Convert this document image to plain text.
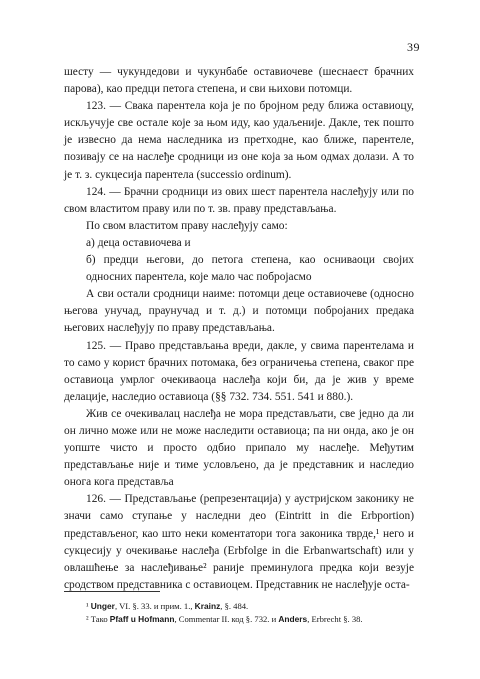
39

шесту — чукундедови и чукунбабе оставиочеве (шеснаест брачних парова), као предци петога степена, и сви њихови потомци.

123. — Свака парентела која је по бројном реду ближа оставиоцу, искључује све остале које за њом иду, као удаљеније. Дакле, тек пошто је извесно да нема наследника из претходне, као ближе, парентеле, позивају се на наслеђе сродници из оне која за њом одмах долази. А то је т. з. сукцесија парентела (successio ordinum).

124. — Брачни сродници из ових шест парентела наслеђују или по свом властитом праву или по т. зв. праву представљања.

По свом властитом праву наслеђују само:

а) деца оставиочева и

б) предци његови, до петога степена, као осниваоци својих односних парентела, које мало час побројасмо

А сви остали сродници наиме: потомци деце оставиочеве (односно његова унучад, праунучад и т. д.) и потомци побројаних предака његових наслеђују по праву представљања.

125. — Право представљања вреди, дакле, у свима парентелама и то само у корист брачних потомака, без ограничења степена, сваког пре оставиоца умрлог очекиваоца наслеђа који би, да је жив у време делације, наследио оставиоца (§§ 732. 734. 551. 541 и 880.).

Жив се очекивалац наслеђа не мора представљати, све једно да ли он лично може или не може наследити оставиоца; па ни онда, ако је он уопште чисто и просто одбио припало му наслеђе. Међутим представљање није и тиме условљено, да је представник и наследио онога кога представља

126. — Представљање (репрезентација) у аустријском законику не значи само ступање у наследни део (Eintritt in die Erbportion) представљеног, као што неки коментатори тога законика тврде,¹ него и сукцесију у очекивање наслеђа (Erbfolge in die Erbanwartschaft) или у овлашћење за наслеђивање² раније преминулога предка који везује сродством представника с оставиоцем. Представник не наслеђује оста-

¹ Unger, VI. §. 33. и прим. 1., Krainz, §. 484.

² Тако Pfaff u Hofmann, Commentar II. код §. 732. и Anders, Erbrecht §. 38.
